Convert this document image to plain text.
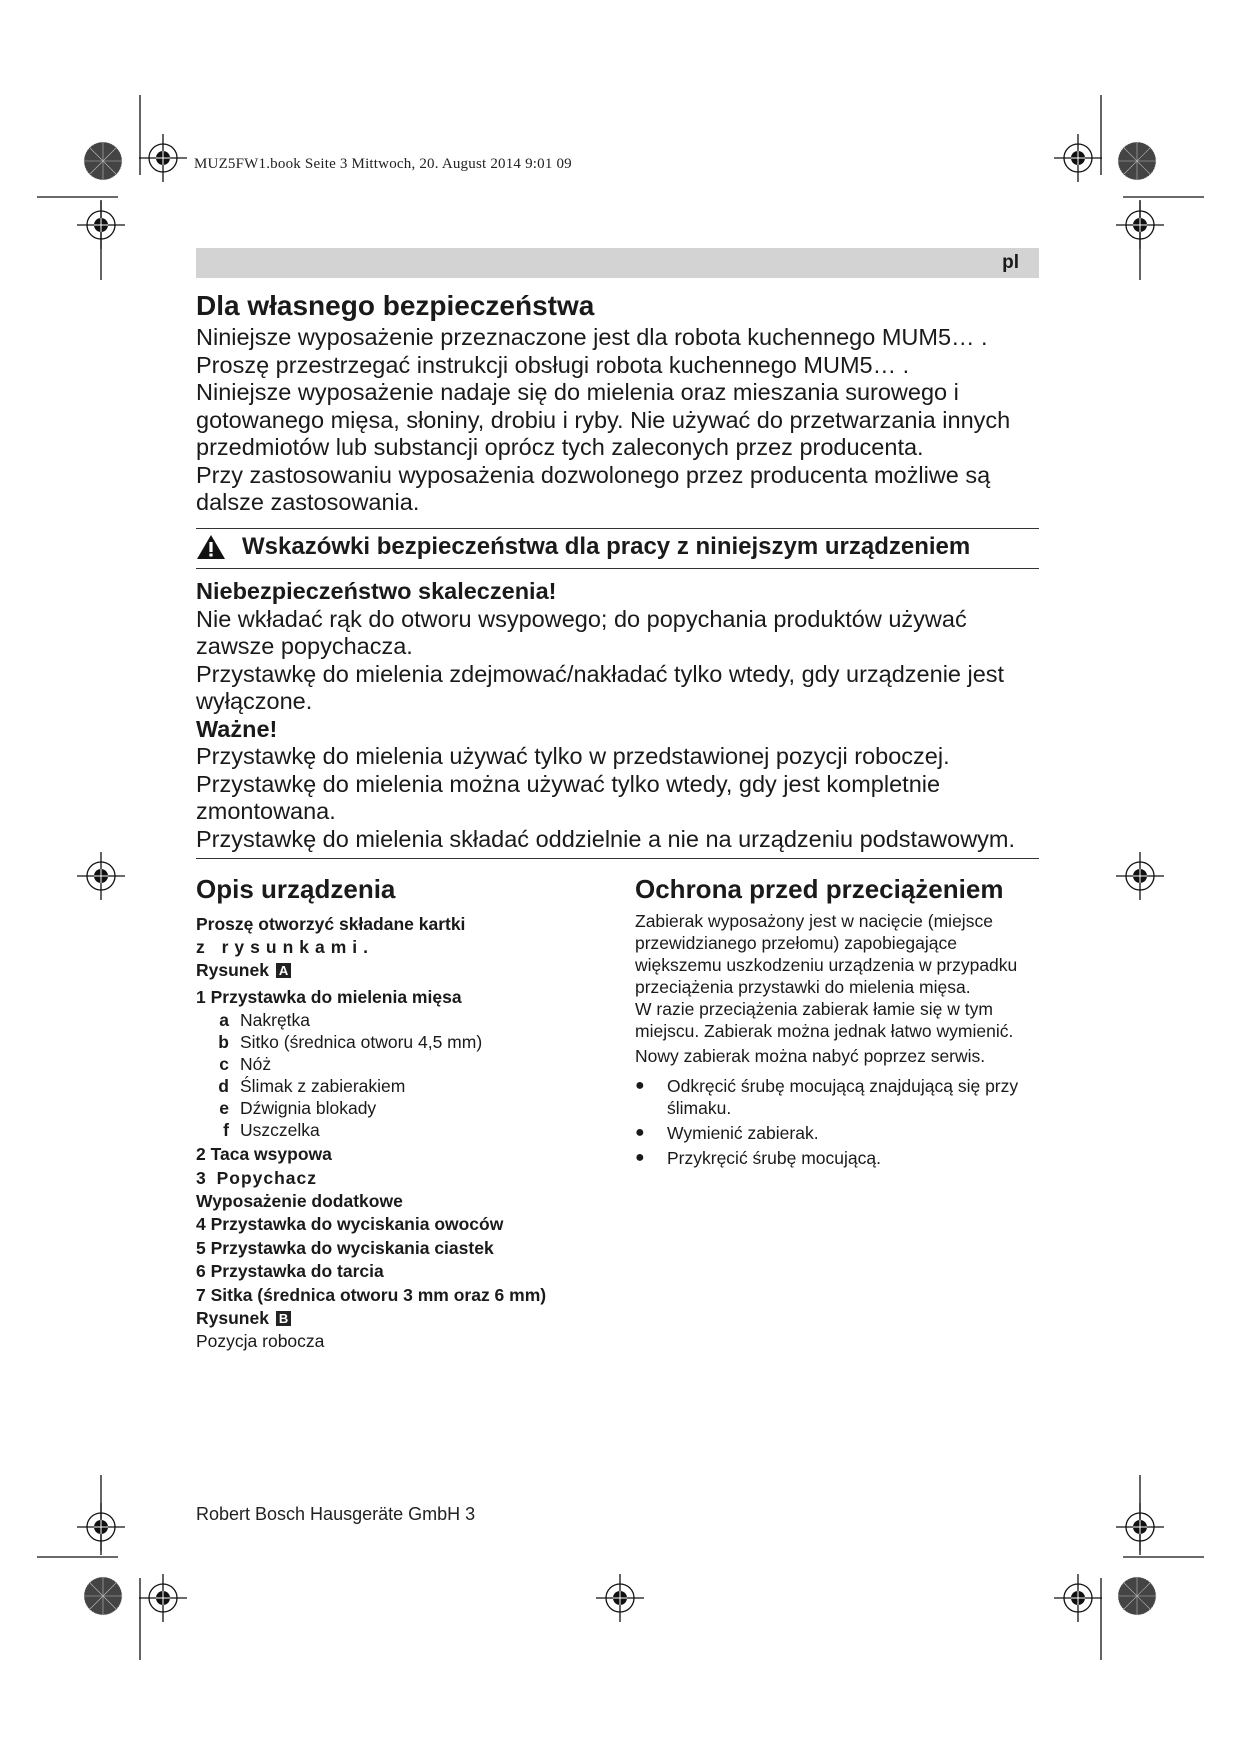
MUZ5FW1.book Seite 3 Mittwoch, 20. August 2014 9:01 09
pl
Dla własnego bezpieczeństwa

Niniejsze wyposażenie przeznaczone jest dla robota kuchennego MUM5… .

Proszę przestrzegać instrukcji obsługi robota kuchennego MUM5… .

Niniejsze wyposażenie nadaje się do mielenia oraz mieszania surowego i gotowanego mięsa, słoniny, drobiu i ryby. Nie używać do przetwarzania innych przedmiotów lub substancji oprócz tych zaleconych przez producenta.

Przy zastosowaniu wyposażenia dozwolonego przez producenta możliwe są dalsze zastosowania.

Wskazówki bezpieczeństwa dla pracy z niniejszym urządzeniem

Niebezpieczeństwo skaleczenia!

Nie wkładać rąk do otworu wsypowego; do popychania produktów używać zawsze popychacza.

Przystawkę do mielenia zdejmować/nakładać tylko wtedy, gdy urządzenie jest wyłączone.

Ważne!

Przystawkę do mielenia używać tylko w przedstawionej pozycji roboczej.

Przystawkę do mielenia można używać tylko wtedy, gdy jest kompletnie zmontowana.

Przystawkę do mielenia składać oddzielnie a nie na urządzeniu podstawowym.

Opis urządzenia

Proszę otworzyć składane kartki

z rysunkami.

Rysunek A

1 Przystawka do mielenia mięsa

a Nakrętka
b Sitko (średnica otworu 4,5 mm)
c Nóż
d Ślimak z zabierakiem
e Dźwignia blokady
f Uszczelka

2 Taca wsypowa

3 Popychacz

Wyposażenie dodatkowe

4 Przystawka do wyciskania owoców

5 Przystawka do wyciskania ciastek

6 Przystawka do tarcia

7 Sitka (średnica otworu 3 mm oraz 6 mm)

Rysunek B

Pozycja robocza

Ochrona przed przeciążeniem

Zabierak wyposażony jest w nacięcie (miejsce przewidzianego przełomu) zapobiegające większemu uszkodzeniu urządzenia w przypadku przeciążenia przystawki do mielenia mięsa.

W razie przeciążenia zabierak łamie się w tym miejscu. Zabierak można jednak łatwo wymienić.

Nowy zabierak można nabyć poprzez serwis.

● Odkręcić śrubę mocującą znajdującą się przy ślimaku.
● Wymienić zabierak.
● Przykręcić śrubę mocującą.
Robert Bosch Hausgeräte GmbH 3
